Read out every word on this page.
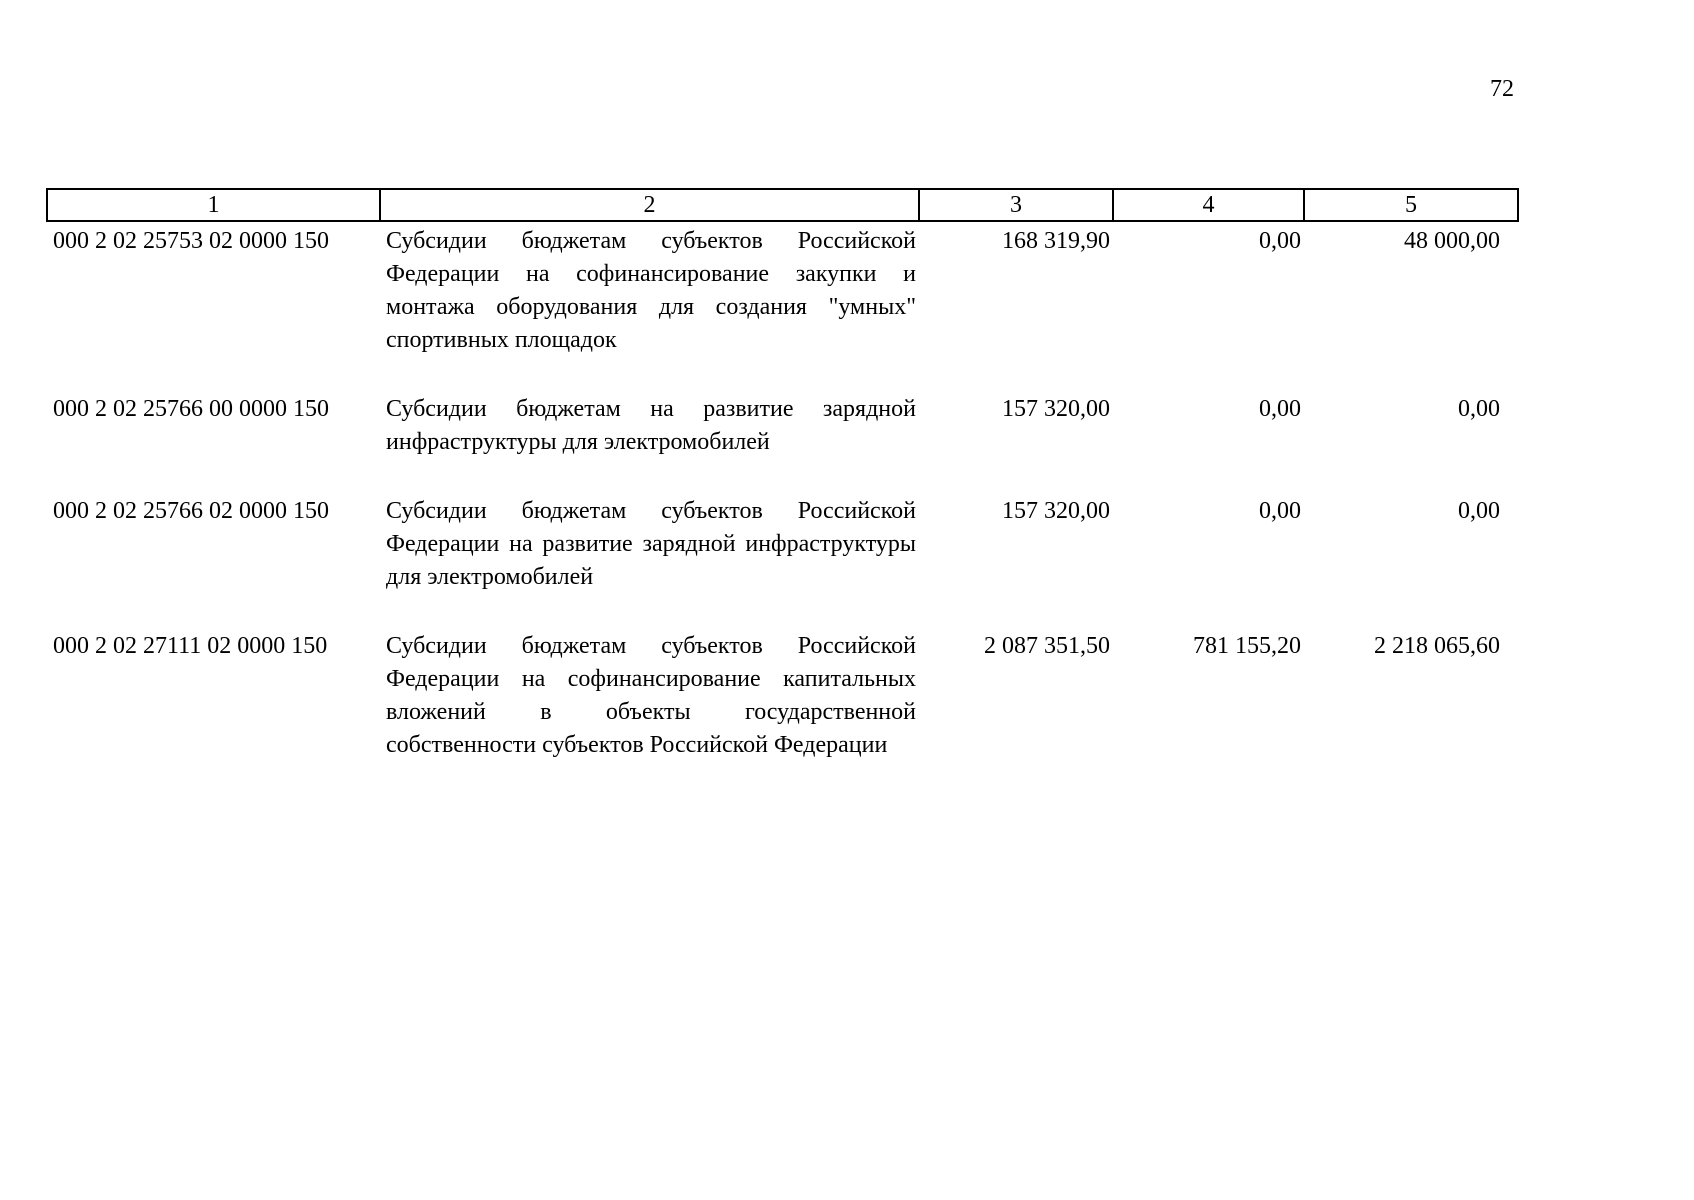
72
1	2	3	4	5
000 2 02 25753 02 0000 150	Субсидии бюджетам субъектов Российской Федерации на софинансирование закупки и монтажа оборудования для создания "умных" спортивных площадок	168 319,90	0,00	48 000,00
000 2 02 25766 00 0000 150	Субсидии бюджетам на развитие зарядной инфраструктуры для электромобилей	157 320,00	0,00	0,00
000 2 02 25766 02 0000 150	Субсидии бюджетам субъектов Российской Федерации на развитие зарядной инфраструктуры для электромобилей	157 320,00	0,00	0,00
000 2 02 27111 02 0000 150	Субсидии бюджетам субъектов Российской Федерации на софинансирование капитальных вложений в объекты государственной собственности субъектов Российской Федерации	2 087 351,50	781 155,20	2 218 065,60
